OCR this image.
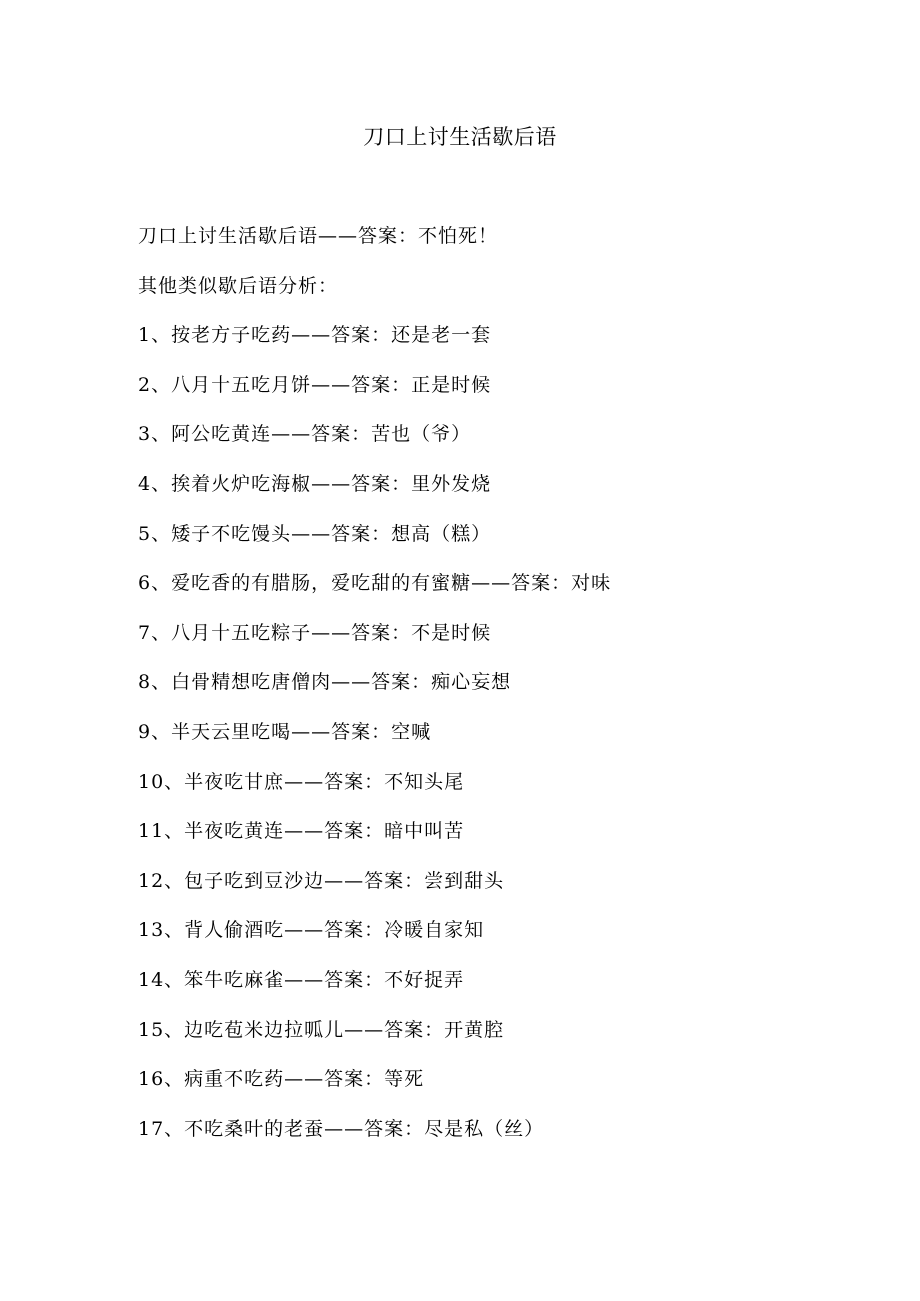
刀口上讨生活歇后语
刀口上讨生活歇后语——答案：不怕死！
其他类似歇后语分析：
1、按老方子吃药——答案：还是老一套
2、八月十五吃月饼——答案：正是时候
3、阿公吃黄连——答案：苦也（爷）
4、挨着火炉吃海椒——答案：里外发烧
5、矮子不吃馒头——答案：想高（糕）
6、爱吃香的有腊肠，爱吃甜的有蜜糖——答案：对味
7、八月十五吃粽子——答案：不是时候
8、白骨精想吃唐僧肉——答案：痴心妄想
9、半天云里吃喝——答案：空喊
10、半夜吃甘庶——答案：不知头尾
11、半夜吃黄连——答案：暗中叫苦
12、包子吃到豆沙边——答案：尝到甜头
13、背人偷酒吃——答案：冷暖自家知
14、笨牛吃麻雀——答案：不好捉弄
15、边吃苞米边拉呱儿——答案：开黄腔
16、病重不吃药——答案：等死
17、不吃桑叶的老蚕——答案：尽是私（丝）
